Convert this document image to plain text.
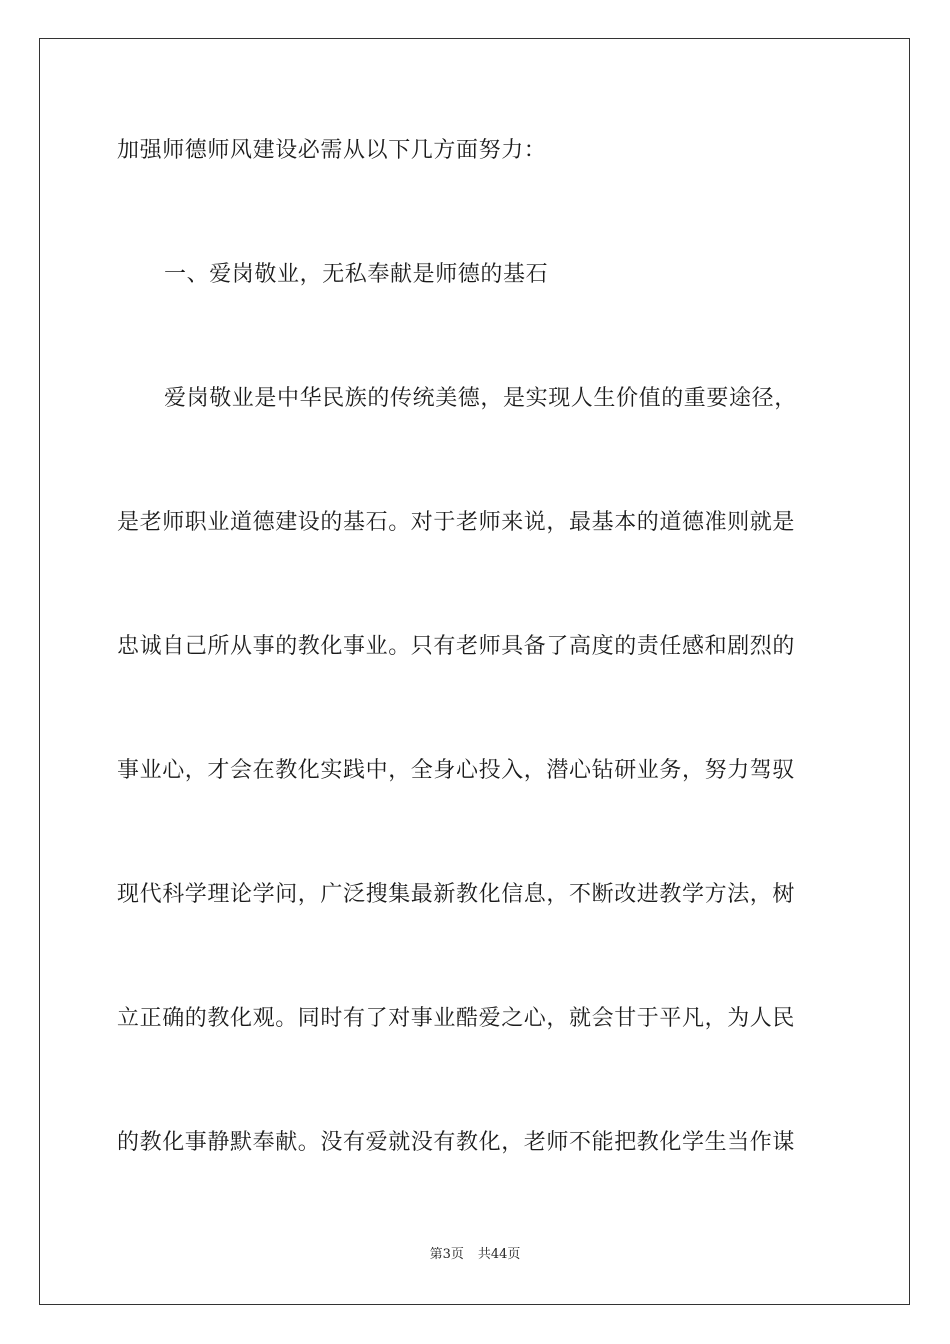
加强师德师风建设必需从以下几方面努力：
一、爱岗敬业，无私奉献是师德的基石
爱岗敬业是中华民族的传统美德，是实现人生价值的重要途径，
是老师职业道德建设的基石。对于老师来说，最基本的道德准则就是
忠诚自己所从事的教化事业。只有老师具备了高度的责任感和剧烈的
事业心，才会在教化实践中，全身心投入，潜心钻研业务，努力驾驭
现代科学理论学问，广泛搜集最新教化信息，不断改进教学方法，树
立正确的教化观。同时有了对事业酷爱之心，就会甘于平凡，为人民
的教化事静默奉献。没有爱就没有教化，老师不能把教化学生当作谋
第3页 共44页
